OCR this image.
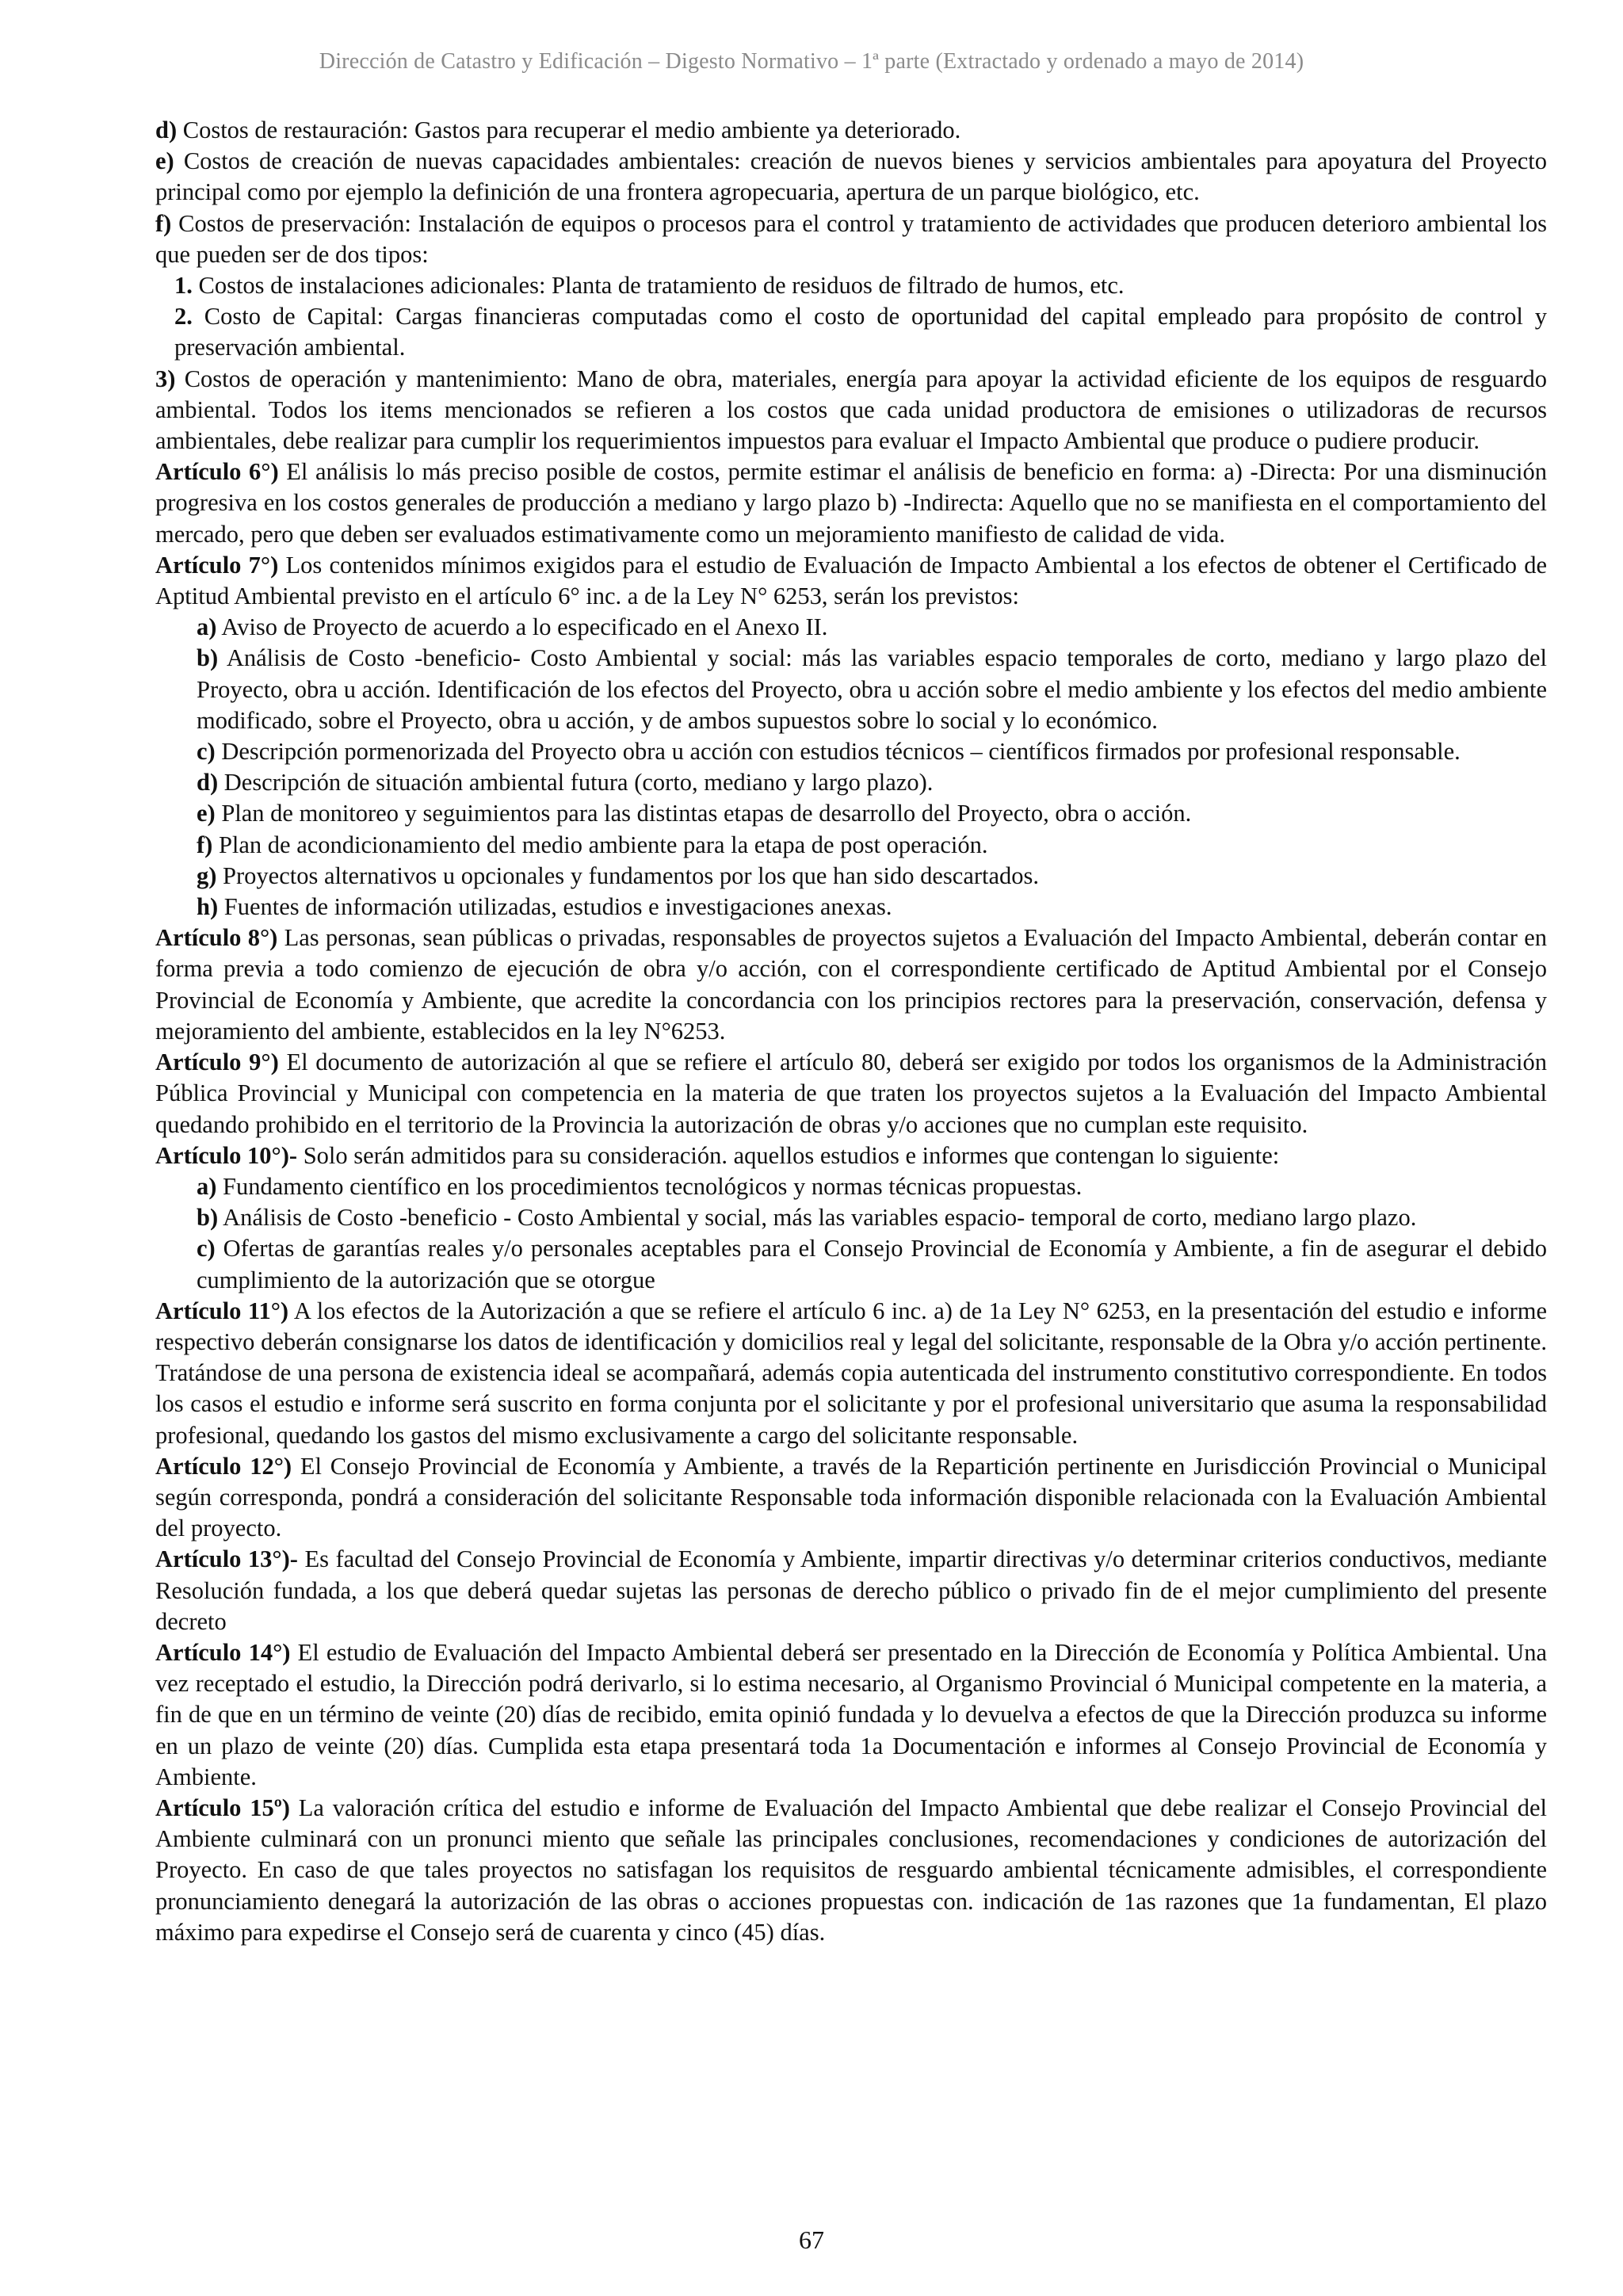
Dirección de Catastro y Edificación – Digesto Normativo – 1ª parte (Extractado y ordenado a mayo de 2014)

d) Costos de restauración: Gastos para recuperar el medio ambiente ya deteriorado.

e) Costos de creación de nuevas capacidades ambientales: creación de nuevos bienes y servicios ambientales para apoyatura del Proyecto principal como por ejemplo la definición de una frontera agropecuaria, apertura de un parque biológico, etc.

f) Costos de preservación: Instalación de equipos o procesos para el control y tratamiento de actividades que producen deterioro ambiental los que pueden ser de dos tipos:

1. Costos de instalaciones adicionales: Planta de tratamiento de residuos de filtrado de humos, etc.

2. Costo de Capital: Cargas financieras computadas como el costo de oportunidad del capital empleado para propósito de control y preservación ambiental.

3) Costos de operación y mantenimiento: Mano de obra, materiales, energía para apoyar la actividad eficiente de los equipos de resguardo ambiental. Todos los items mencionados se refieren a los costos que cada unidad productora de emisiones o utilizadoras de recursos ambientales, debe realizar para cumplir los requerimientos impuestos para evaluar el Impacto Ambiental que produce o pudiere producir.

Artículo 6°) El análisis lo más preciso posible de costos, permite estimar el análisis de beneficio en forma: a) -Directa: Por una disminución progresiva en los costos generales de producción a mediano y largo plazo b) -Indirecta: Aquello que no se manifiesta en el comportamiento del mercado, pero que deben ser evaluados estimativamente como un mejoramiento manifiesto de calidad de vida.

Artículo 7°) Los contenidos mínimos exigidos para el estudio de Evaluación de Impacto Ambiental a los efectos de obtener el Certificado de Aptitud Ambiental previsto en el artículo 6° inc. a de la Ley N° 6253, serán los previstos:

a) Aviso de Proyecto de acuerdo a lo especificado en el Anexo II.

b) Análisis de Costo -beneficio- Costo Ambiental y social: más las variables espacio temporales de corto, mediano y largo plazo del Proyecto, obra u acción. Identificación de los efectos del Proyecto, obra u acción sobre el medio ambiente y los efectos del medio ambiente modificado, sobre el Proyecto, obra u acción, y de ambos supuestos sobre lo social y lo económico.

c) Descripción pormenorizada del Proyecto obra u acción con estudios técnicos – científicos firmados por profesional responsable.

d) Descripción de situación ambiental futura (corto, mediano y largo plazo).

e) Plan de monitoreo y seguimientos para las distintas etapas de desarrollo del Proyecto, obra o acción.

f) Plan de acondicionamiento del medio ambiente para la etapa de post operación.

g) Proyectos alternativos u opcionales y fundamentos por los que han sido descartados.

h) Fuentes de información utilizadas, estudios e investigaciones anexas.

Artículo 8°) Las personas, sean públicas o privadas, responsables de proyectos sujetos a Evaluación del Impacto Ambiental, deberán contar en forma previa a todo comienzo de ejecución de obra y/o acción, con el correspondiente certificado de Aptitud Ambiental por el Consejo Provincial de Economía y Ambiente, que acredite la concordancia con los principios rectores para la preservación, conservación, defensa y mejoramiento del ambiente, establecidos en la ley N°6253.

Artículo 9°) El documento de autorización al que se refiere el artículo 80, deberá ser exigido por todos los organismos de la Administración Pública Provincial y Municipal con competencia en la materia de que traten los proyectos sujetos a la Evaluación del Impacto Ambiental quedando prohibido en el territorio de la Provincia la autorización de obras y/o acciones que no cumplan este requisito.

Artículo 10°)- Solo serán admitidos para su consideración. aquellos estudios e informes que contengan lo siguiente:

a) Fundamento científico en los procedimientos tecnológicos y normas técnicas propuestas.

b) Análisis de Costo -beneficio - Costo Ambiental y social, más las variables espacio- temporal de corto, mediano largo plazo.

c) Ofertas de garantías reales y/o personales aceptables para el Consejo Provincial de Economía y Ambiente, a fin de asegurar el debido cumplimiento de la autorización que se otorgue

Artículo 11°) A los efectos de la Autorización a que se refiere el artículo 6 inc. a) de 1a Ley N° 6253, en la presentación del estudio e informe respectivo deberán consignarse los datos de identificación y domicilios real y legal del solicitante, responsable de la Obra y/o acción pertinente. Tratándose de una persona de existencia ideal se acompañará, además copia autenticada del instrumento constitutivo correspondiente. En todos los casos el estudio e informe será suscrito en forma conjunta por el solicitante y por el profesional universitario que asuma la responsabilidad profesional, quedando los gastos del mismo exclusivamente a cargo del solicitante responsable.

Artículo 12°) El Consejo Provincial de Economía y Ambiente, a través de la Repartición pertinente en Jurisdicción Provincial o Municipal según corresponda, pondrá a consideración del solicitante Responsable toda información disponible relacionada con la Evaluación Ambiental del proyecto.

Artículo 13°)- Es facultad del Consejo Provincial de Economía y Ambiente, impartir directivas y/o determinar criterios conductivos, mediante Resolución fundada, a los que deberá quedar sujetas las personas de derecho público o privado fin de el mejor cumplimiento del presente decreto

Artículo 14°) El estudio de Evaluación del Impacto Ambiental deberá ser presentado en la Dirección de Economía y Política Ambiental. Una vez receptado el estudio, la Dirección podrá derivarlo, si lo estima necesario, al Organismo Provincial ó Municipal competente en la materia, a fin de que en un término de veinte (20) días de recibido, emita opinió fundada y lo devuelva a efectos de que la Dirección produzca su informe en un plazo de veinte (20) días. Cumplida esta etapa presentará toda 1a Documentación e informes al Consejo Provincial de Economía y Ambiente.

Artículo 15º) La valoración crítica del estudio e informe de Evaluación del Impacto Ambiental que debe realizar el Consejo Provincial del Ambiente culminará con un pronunci miento que señale las principales conclusiones, recomendaciones y condiciones de autorización del Proyecto. En caso de que tales proyectos no satisfagan los requisitos de resguardo ambiental técnicamente admisibles, el correspondiente pronunciamiento denegará la autorización de las obras o acciones propuestas con. indicación de 1as razones que 1a fundamentan, El plazo máximo para expedirse el Consejo será de cuarenta y cinco (45) días.

67
